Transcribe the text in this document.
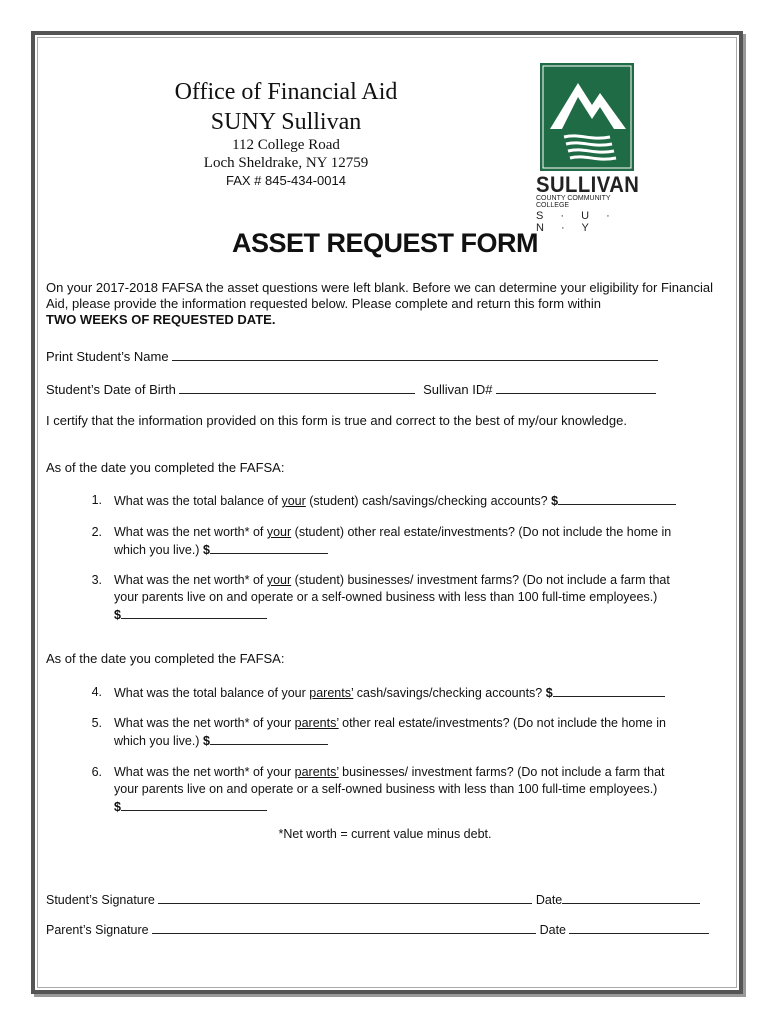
Office of Financial Aid
SUNY Sullivan
112 College Road
Loch Sheldrake, NY 12759
FAX # 845-434-0014	SULLIVAN
COUNTY COMMUNITY COLLEGE
S · U · N · Y
ASSET REQUEST FORM
On your 2017-2018 FAFSA the asset questions were left blank. Before we can determine your eligibility for Financial Aid, please provide the information requested below. Please complete and return this form within
TWO WEEKS OF REQUESTED DATE.
Print Student’s Name
Student’s Date of Birth	Sullivan ID#
I certify that the information provided on this form is true and correct to the best of my/our knowledge.
As of the date you completed the FAFSA:
1. What was the total balance of your (student) cash/savings/checking accounts? $
2. What was the net worth* of your (student) other real estate/investments? (Do not include the home in
which you live.) $
3. What was the net worth* of your (student) businesses/ investment farms? (Do not include a farm that
your parents live on and operate or a self-owned business with less than 100 full-time employees.)
$
As of the date you completed the FAFSA:
4. What was the total balance of your parents’ cash/savings/checking accounts? $
5. What was the net worth* of your parents’ other real estate/investments? (Do not include the home in
which you live.) $
6. What was the net worth* of your parents’ businesses/ investment farms? (Do not include a farm that
your parents live on and operate or a self-owned business with less than 100 full-time employees.)
$
*Net worth = current value minus debt.
Student’s Signature	Date
Parent’s Signature	Date
